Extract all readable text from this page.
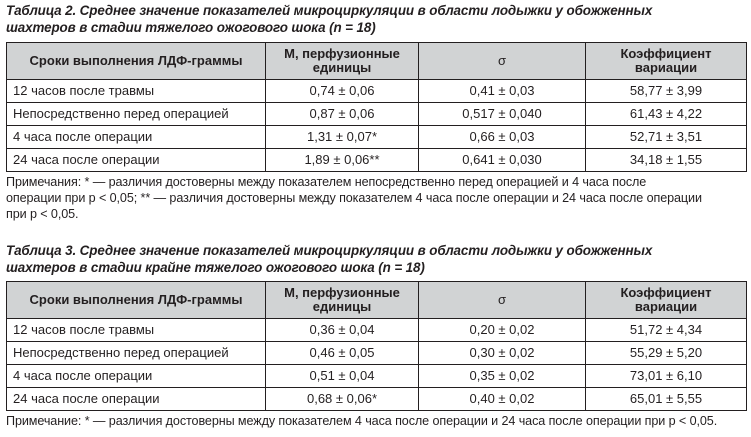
Таблица 2. Среднее значение показателей микроциркуляции в области лодыжки у обожженных
шахтеров в стадии тяжелого ожогового шока (n = 18)

Сроки выполнения ЛДФ-граммы	М, перфузионные единицы	σ	Коэффициент вариации
12 часов после травмы	0,74 ± 0,06	0,41 ± 0,03	58,77 ± 3,99
Непосредственно перед операцией	0,87 ± 0,06	0,517 ± 0,040	61,43 ± 4,22
4 часа после операции	1,31 ± 0,07*	0,66 ± 0,03	52,71 ± 3,51
24 часа после операции	1,89 ± 0,06**	0,641 ± 0,030	34,18 ± 1,55

Примечания: * — различия достоверны между показателем непосредственно перед операцией и 4 часа после
операции при p < 0,05; ** — различия достоверны между показателем 4 часа после операции и 24 часа после операции
при p < 0,05.

Таблица 3. Среднее значение показателей микроциркуляции в области лодыжки у обожженных
шахтеров в стадии крайне тяжелого ожогового шока (n = 18)

Сроки выполнения ЛДФ-граммы	М, перфузионные единицы	σ	Коэффициент вариации
12 часов после травмы	0,36 ± 0,04	0,20 ± 0,02	51,72 ± 4,34
Непосредственно перед операцией	0,46 ± 0,05	0,30 ± 0,02	55,29 ± 5,20
4 часа после операции	0,51 ± 0,04	0,35 ± 0,02	73,01 ± 6,10
24 часа после операции	0,68 ± 0,06*	0,40 ± 0,02	65,01 ± 5,55

Примечание: * — различия достоверны между показателем 4 часа после операции и 24 часа после операции при p < 0,05.
